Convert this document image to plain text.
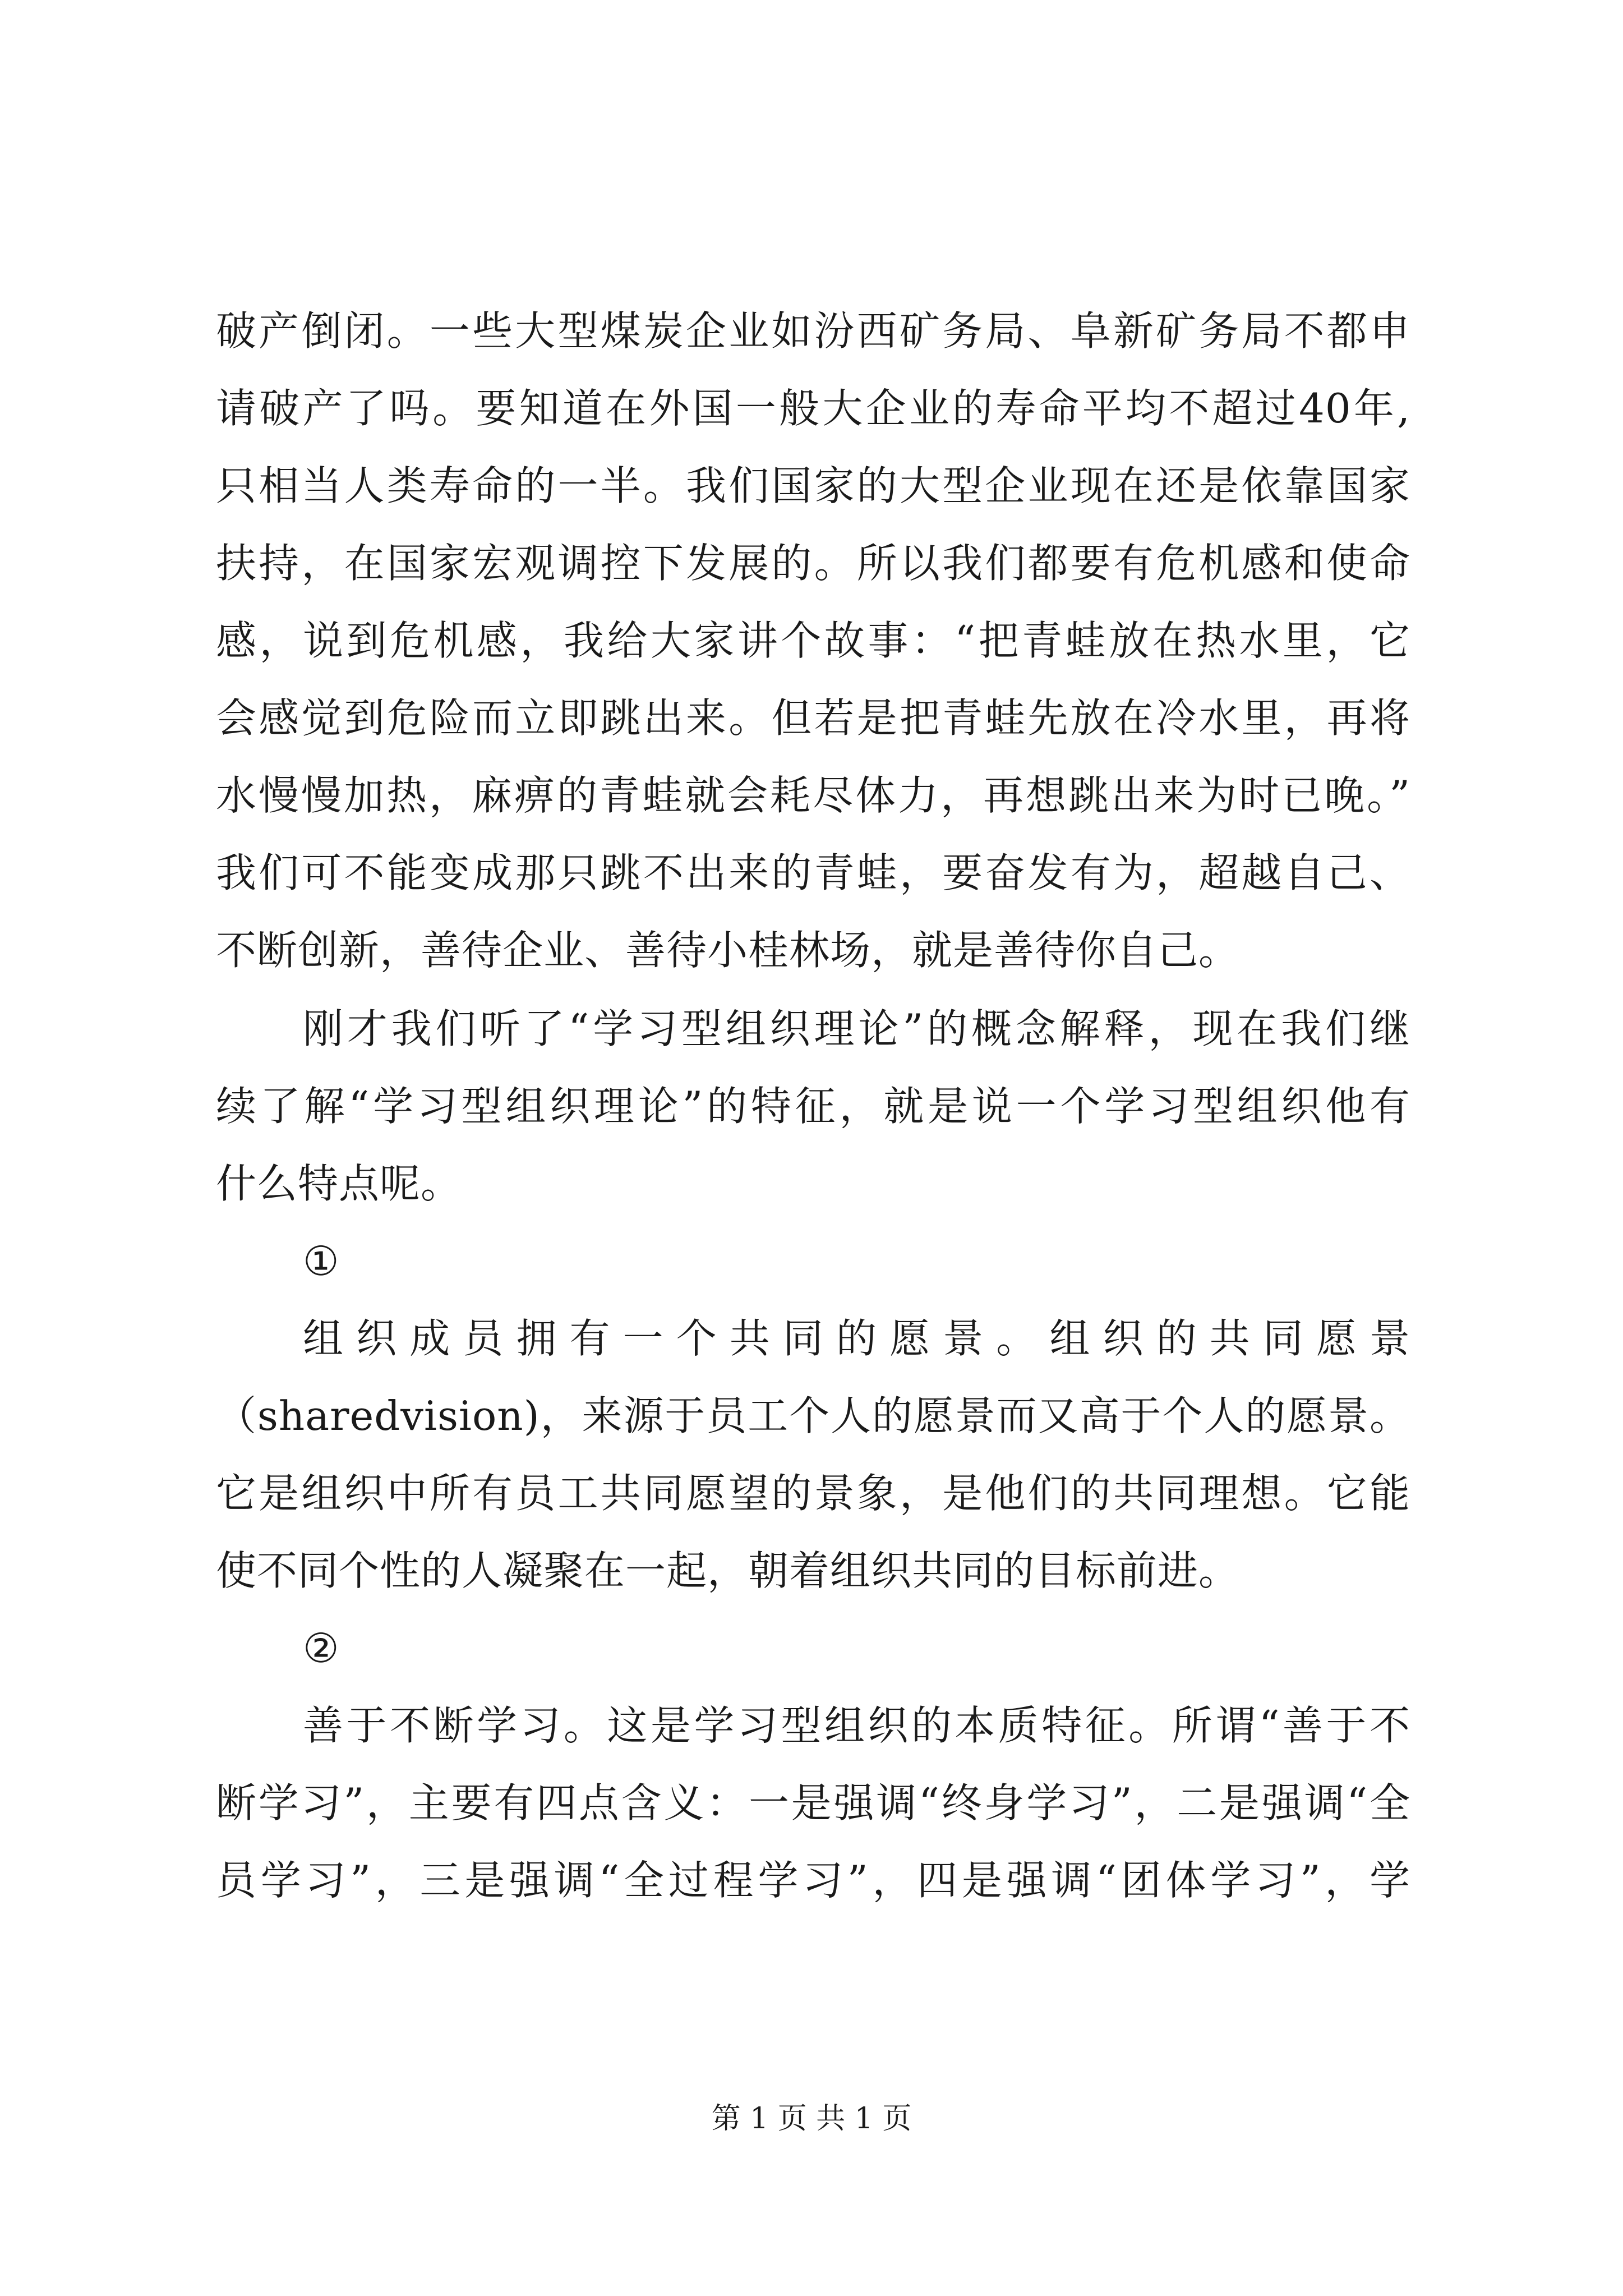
破产倒闭。一些大型煤炭企业如汾西矿务局、阜新矿务局不都申
请破产了吗。要知道在外国一般大企业的寿命平均不超过40年,
只相当人类寿命的一半。我们国家的大型企业现在还是依靠国家
扶持，在国家宏观调控下发展的。所以我们都要有危机感和使命
感，说到危机感，我给大家讲个故事：“把青蛙放在热水里，它
会感觉到危险而立即跳出来。但若是把青蛙先放在冷水里，再将
水慢慢加热，麻痹的青蛙就会耗尽体力，再想跳出来为时已晚。”
我们可不能变成那只跳不出来的青蛙，要奋发有为，超越自己、
不断创新，善待企业、善待小桂林场，就是善待你自己。
刚才我们听了“学习型组织理论”的概念解释，现在我们继
续了解“学习型组织理论”的特征，就是说一个学习型组织他有
什么特点呢。
①
组织成员拥有一个共同的愿景。组织的共同愿景
（sharedvision)，来源于员工个人的愿景而又高于个人的愿景。
它是组织中所有员工共同愿望的景象，是他们的共同理想。它能
使不同个性的人凝聚在一起，朝着组织共同的目标前进。
②
善于不断学习。这是学习型组织的本质特征。所谓“善于不
断学习”，主要有四点含义：一是强调“终身学习”，二是强调“全
员学习”，三是强调“全过程学习”，四是强调“团体学习”，学
第 1 页 共 1 页
